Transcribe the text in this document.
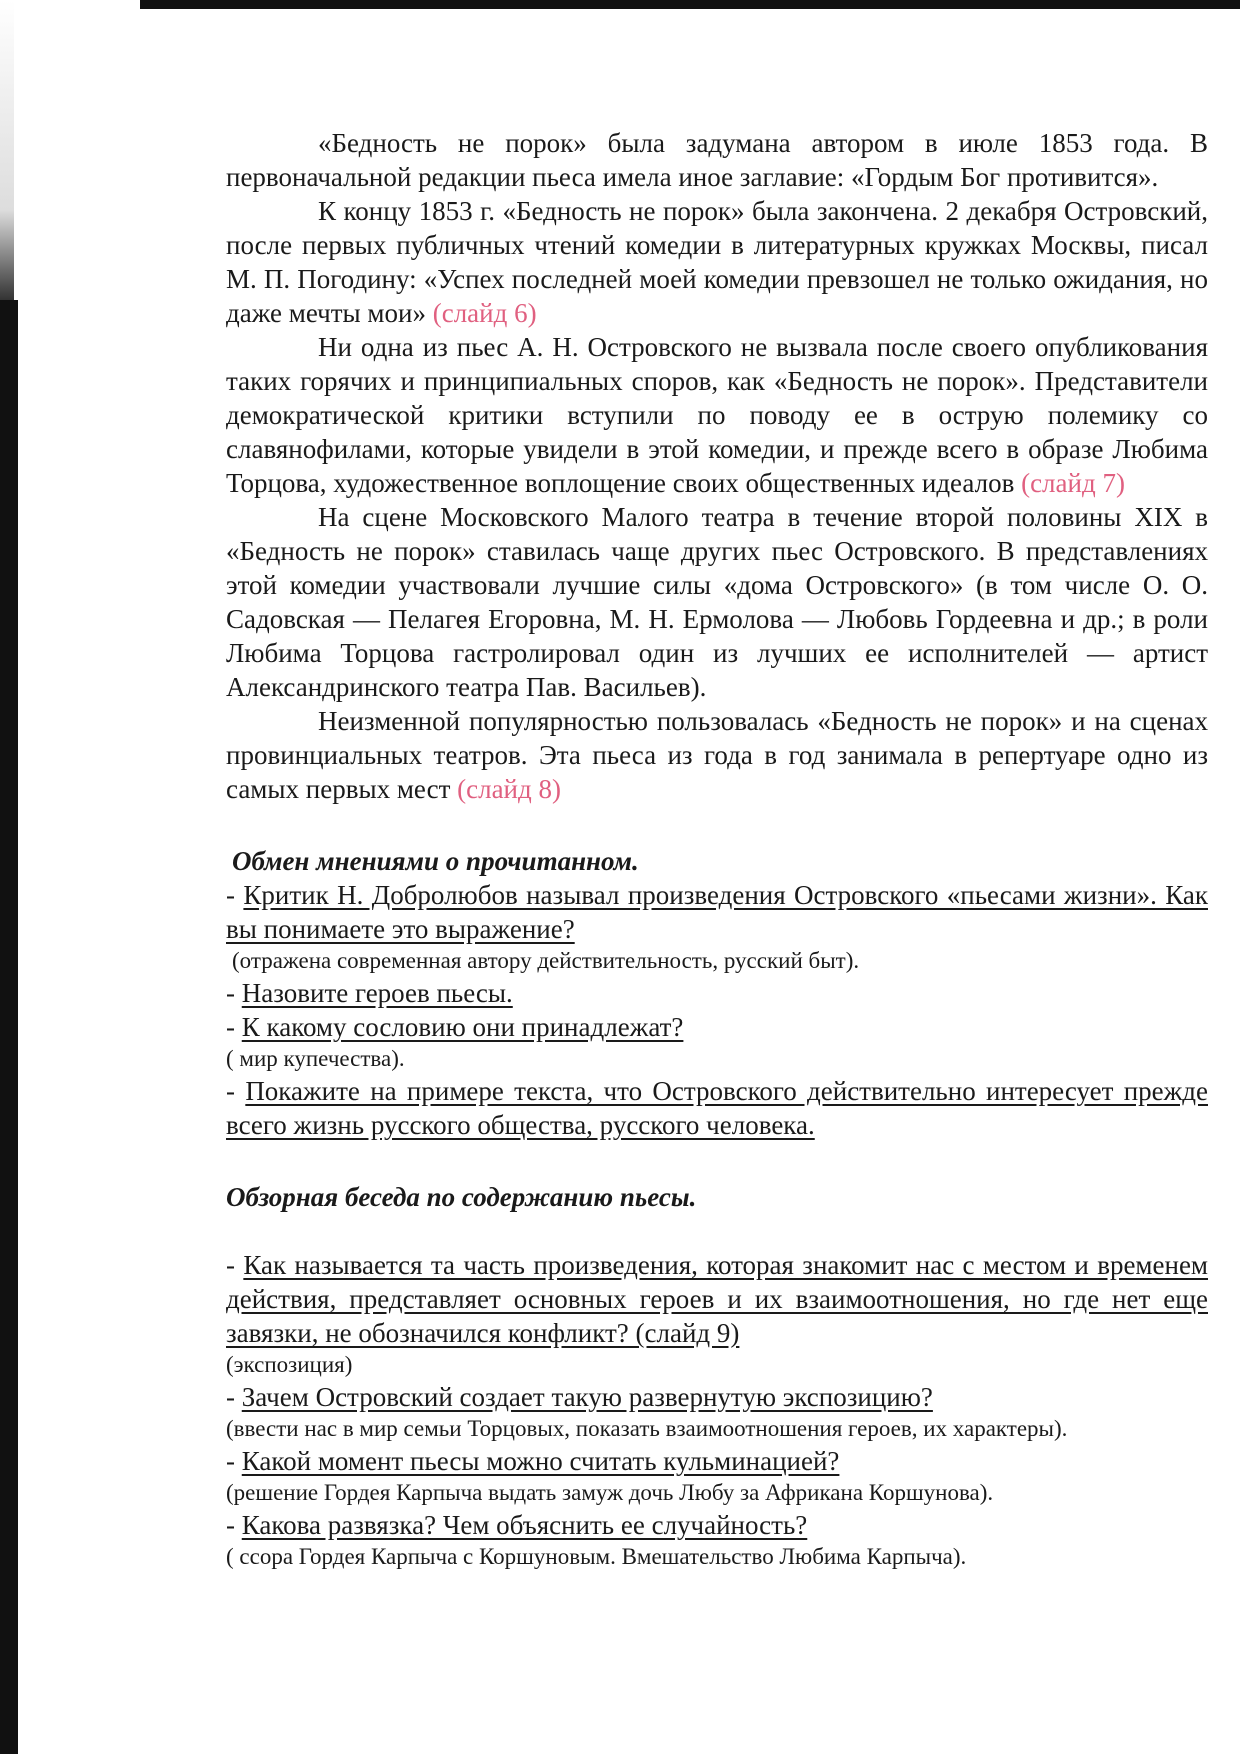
«Бедность не порок» была задумана автором в июле 1853 года. В первоначальной редакции пьеса имела иное заглавие: «Гордым Бог противится».

К концу 1853 г. «Бедность не порок» была закончена. 2 декабря Островский, после первых публичных чтений комедии в литературных кружках Москвы, писал М. П. Погодину: «Успех последней моей комедии превзошел не только ожидания, но даже мечты мои» (слайд 6)

Ни одна из пьес А. Н. Островского не вызвала после своего опубликования таких горячих и принципиальных споров, как «Бедность не порок». Представители демократической критики вступили по поводу ее в острую полемику со славянофилами, которые увидели в этой комедии, и прежде всего в образе Любима Торцова, художественное воплощение своих общественных идеалов (слайд 7)

На сцене Московского Малого театра в течение второй половины XIX в «Бедность не порок» ставилась чаще других пьес Островского. В представлениях этой комедии участвовали лучшие силы «дома Островского» (в том числе О. О. Садовская — Пелагея Егоровна, М. Н. Ермолова — Любовь Гордеевна и др.; в роли Любима Торцова гастролировал один из лучших ее исполнителей — артист Александринского театра Пав. Васильев).

Неизменной популярностью пользовалась «Бедность не порок» и на сценах провинциальных театров. Эта пьеса из года в год занимала в репертуаре одно из самых первых мест (слайд 8)

Обмен мнениями о прочитанном.

- Критик Н. Добролюбов называл произведения Островского «пьесами жизни». Как вы понимаете это выражение?

(отражена современная автору действительность, русский быт).

- Назовите героев пьесы.

- К какому сословию они принадлежат?

( мир купечества).

- Покажите на примере текста, что Островского действительно интересует прежде всего жизнь русского общества, русского человека.

Обзорная беседа по содержанию пьесы.

- Как называется та часть произведения, которая знакомит нас с местом и временем действия, представляет основных героев и их взаимоотношения, но где нет еще завязки, не обозначился конфликт? (слайд 9)

(экспозиция)

- Зачем Островский создает такую развернутую экспозицию?

(ввести нас в мир семьи Торцовых, показать взаимоотношения героев, их характеры).

- Какой момент пьесы можно считать кульминацией?

(решение Гордея Карпыча выдать замуж дочь Любу за Африкана Коршунова).

- Какова развязка? Чем объяснить ее случайность?

( ссора Гордея Карпыча с Коршуновым. Вмешательство Любима Карпыча).
